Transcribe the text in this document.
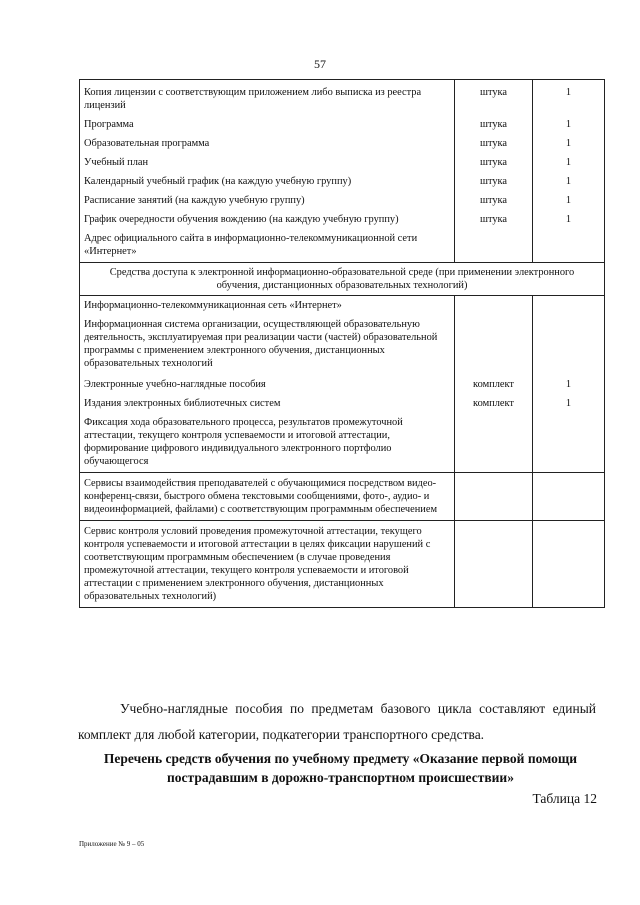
57
Копия лицензии с соответствующим приложением либо выписка из реестра лицензий	штука	1
Программа	штука	1
Образовательная программа	штука	1
Учебный план	штука	1
Календарный учебный график (на каждую учебную группу)	штука	1
Расписание занятий (на каждую учебную группу)	штука	1
График очередности обучения вождению (на каждую учебную группу)	штука	1
Адрес официального сайта в информационно-телекоммуникационной сети «Интернет»		
Средства доступа к электронной информационно-образовательной среде (при применении электронного обучения, дистанционных образовательных технологий)		
Информационно-телекоммуникационная сеть «Интернет»		
Информационная система организации, осуществляющей образовательную деятельность, эксплуатируемая при реализации части (частей) образовательной программы с применением электронного обучения, дистанционных образовательных технологий		
Электронные учебно-наглядные пособия	комплект	1
Издания электронных библиотечных систем	комплект	1
Фиксация хода образовательного процесса, результатов промежуточной аттестации, текущего контроля успеваемости и итоговой аттестации, формирование цифрового индивидуального электронного портфолио обучающегося		
Сервисы взаимодействия преподавателей с обучающимися посредством видео-конференц-связи, быстрого обмена текстовыми сообщениями, фото-, аудио- и видеоинформацией, файлами) с соответствующим программным обеспечением		
Сервис контроля условий проведения промежуточной аттестации, текущего контроля успеваемости и итоговой аттестации в целях фиксации нарушений с соответствующим программным обеспечением (в случае проведения промежуточной аттестации, текущего контроля успеваемости и итоговой аттестации с применением электронного обучения, дистанционных образовательных технологий)		
Учебно-наглядные пособия по предметам базового цикла составляют единый комплект для любой категории, подкатегории транспортного средства.
Перечень средств обучения по учебному предмету «Оказание первой помощи пострадавшим в дорожно-транспортном происшествии»
Таблица 12
Приложение № 9 – 05
